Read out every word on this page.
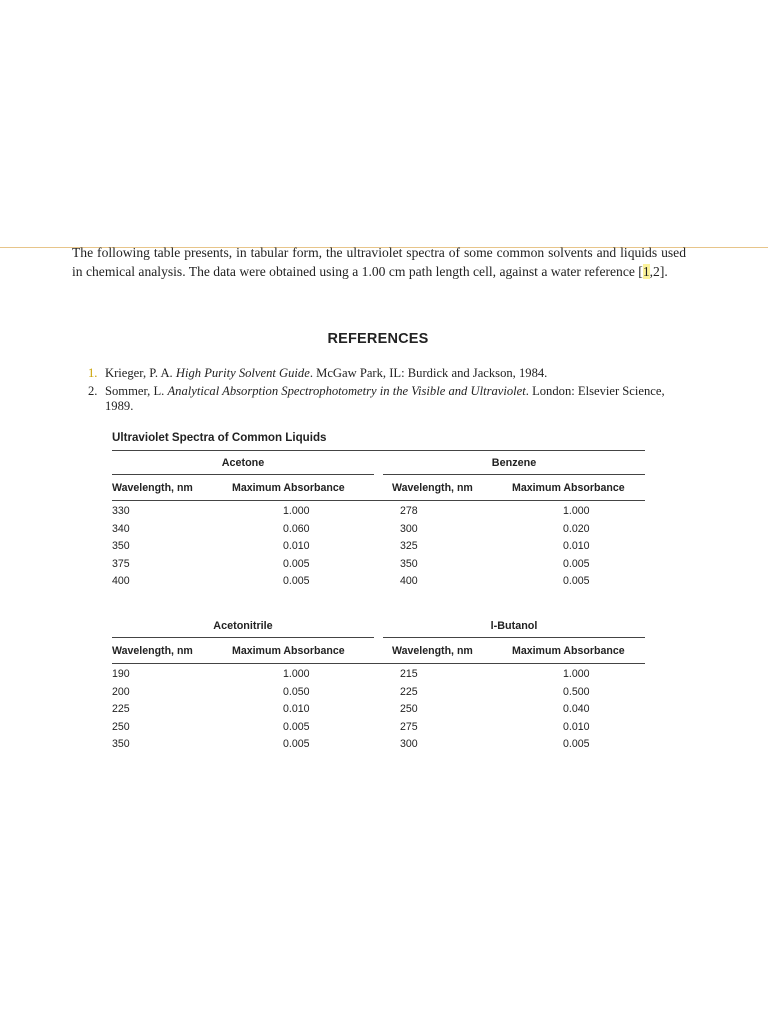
The following table presents, in tabular form, the ultraviolet spectra of some common solvents and liquids used in chemical analysis. The data were obtained using a 1.00 cm path length cell, against a water reference [1,2].

REFERENCES
1. Krieger, P. A. High Purity Solvent Guide. McGaw Park, IL: Burdick and Jackson, 1984.
2. Sommer, L. Analytical Absorption Spectrophotometry in the Visible and Ultraviolet. London: Elsevier Science, 1989.
Ultraviolet Spectra of Common Liquids
Acetone	Benzene
Wavelength, nm	Maximum Absorbance	Wavelength, nm	Maximum Absorbance
330	1.000	278	1.000
340	0.060	300	0.020
350	0.010	325	0.010
375	0.005	350	0.005
400	0.005	400	0.005
Acetonitrile	l-Butanol
Wavelength, nm	Maximum Absorbance	Wavelength, nm	Maximum Absorbance
190	1.000	215	1.000
200	0.050	225	0.500
225	0.010	250	0.040
250	0.005	275	0.010
350	0.005	300	0.005
